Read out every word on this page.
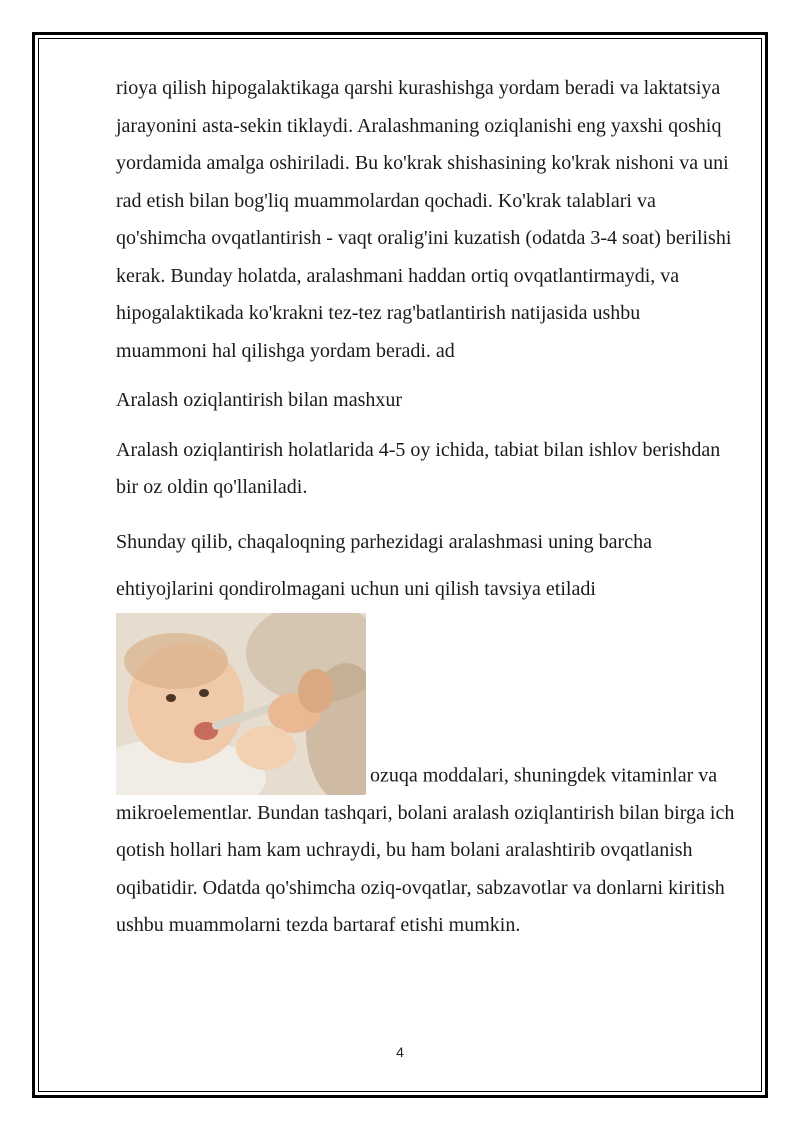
rioya qilish hipogalaktikaga qarshi kurashishga yordam beradi va laktatsiya jarayonini asta-sekin tiklaydi. Aralashmaning oziqlanishi eng yaxshi qoshiq yordamida amalga oshiriladi. Bu ko'krak shishasining ko'krak nishoni va uni rad etish bilan bog'liq muammolardan qochadi. Ko'krak talablari va qo'shimcha ovqatlantirish - vaqt oralig'ini kuzatish (odatda 3-4 soat) berilishi kerak. Bunday holatda, aralashmani haddan ortiq ovqatlantirmaydi, va hipogalaktikada ko'krakni tez-tez rag'batlantirish natijasida ushbu muammoni hal qilishga yordam beradi. ad

Aralash oziqlantirish bilan mashxur

Aralash oziqlantirish holatlarida 4-5 oy ichida, tabiat bilan ishlov berishdan bir oz oldin qo'llaniladi.

Shunday qilib, chaqaloqning parhezidagi aralashmasi uning barcha ehtiyojlarini qondirolmagani uchun uni qilish tavsiya etiladi

ozuqa moddalari, shuningdek vitaminlar va mikroelementlar. Bundan tashqari, bolani aralash oziqlantirish bilan birga ich qotish hollari ham kam uchraydi, bu ham bolani aralashtirib ovqatlanish oqibatidir. Odatda qo'shimcha oziq-ovqatlar, sabzavotlar va donlarni kiritish ushbu muammolarni tezda bartaraf etishi mumkin.

4
